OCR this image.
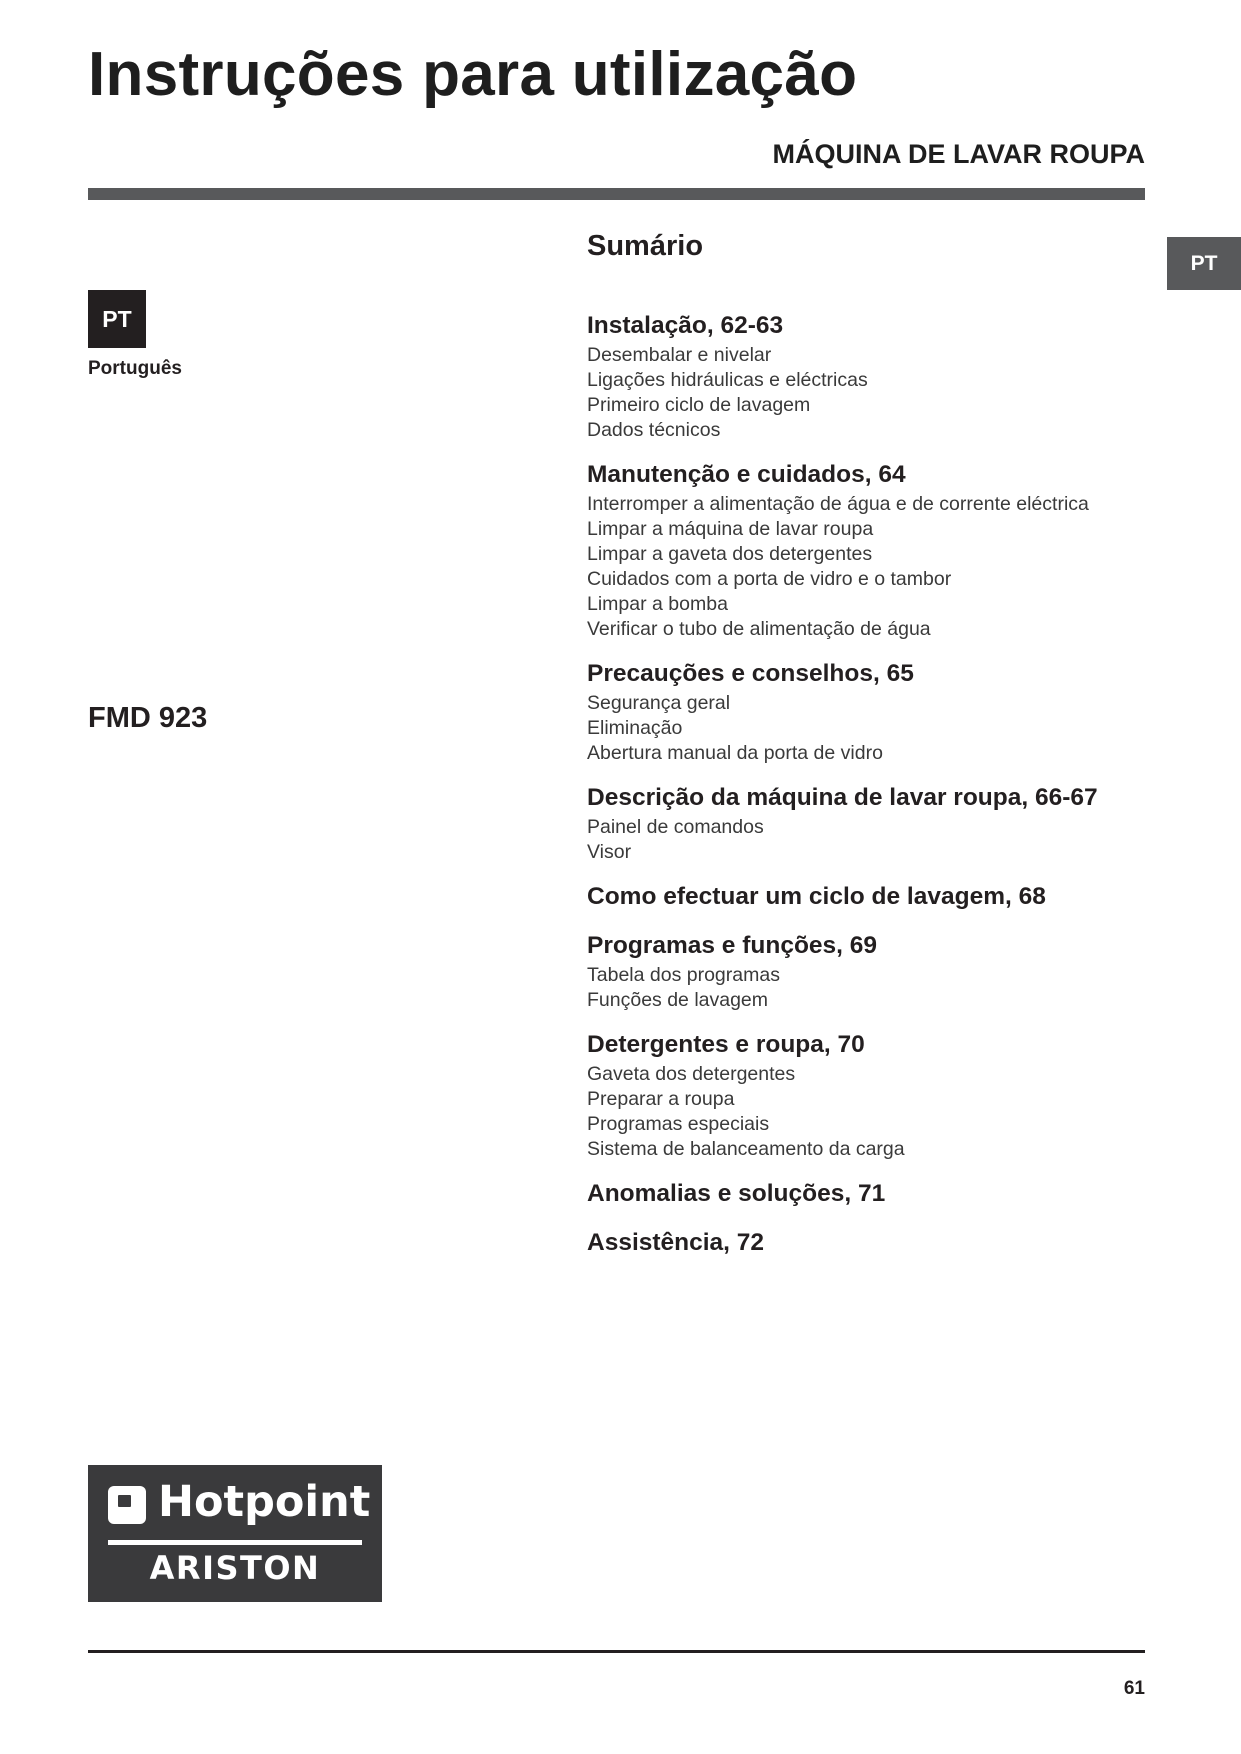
Instruções para utilização
MÁQUINA DE LAVAR ROUPA
PT
PT
Português
FMD 923
Sumário
Instalação, 62-63
Desembalar e nivelar
Ligações hidráulicas e eléctricas
Primeiro ciclo de lavagem
Dados técnicos
Manutenção e cuidados, 64
Interromper a alimentação de água e de corrente eléctrica
Limpar a máquina de lavar roupa
Limpar a gaveta dos detergentes
Cuidados com a porta de vidro e o tambor
Limpar a bomba
Verificar o tubo de alimentação de água
Precauções e conselhos, 65
Segurança geral
Eliminação
Abertura manual da porta de vidro
Descrição da máquina de lavar roupa, 66-67
Painel de comandos
Visor
Como efectuar um ciclo de lavagem, 68
Programas e funções, 69
Tabela dos programas
Funções de lavagem
Detergentes e roupa, 70
Gaveta dos detergentes
Preparar a roupa
Programas especiais
Sistema de balanceamento da carga
Anomalias e soluções, 71
Assistência, 72
Hotpoint
ARISTON
61
